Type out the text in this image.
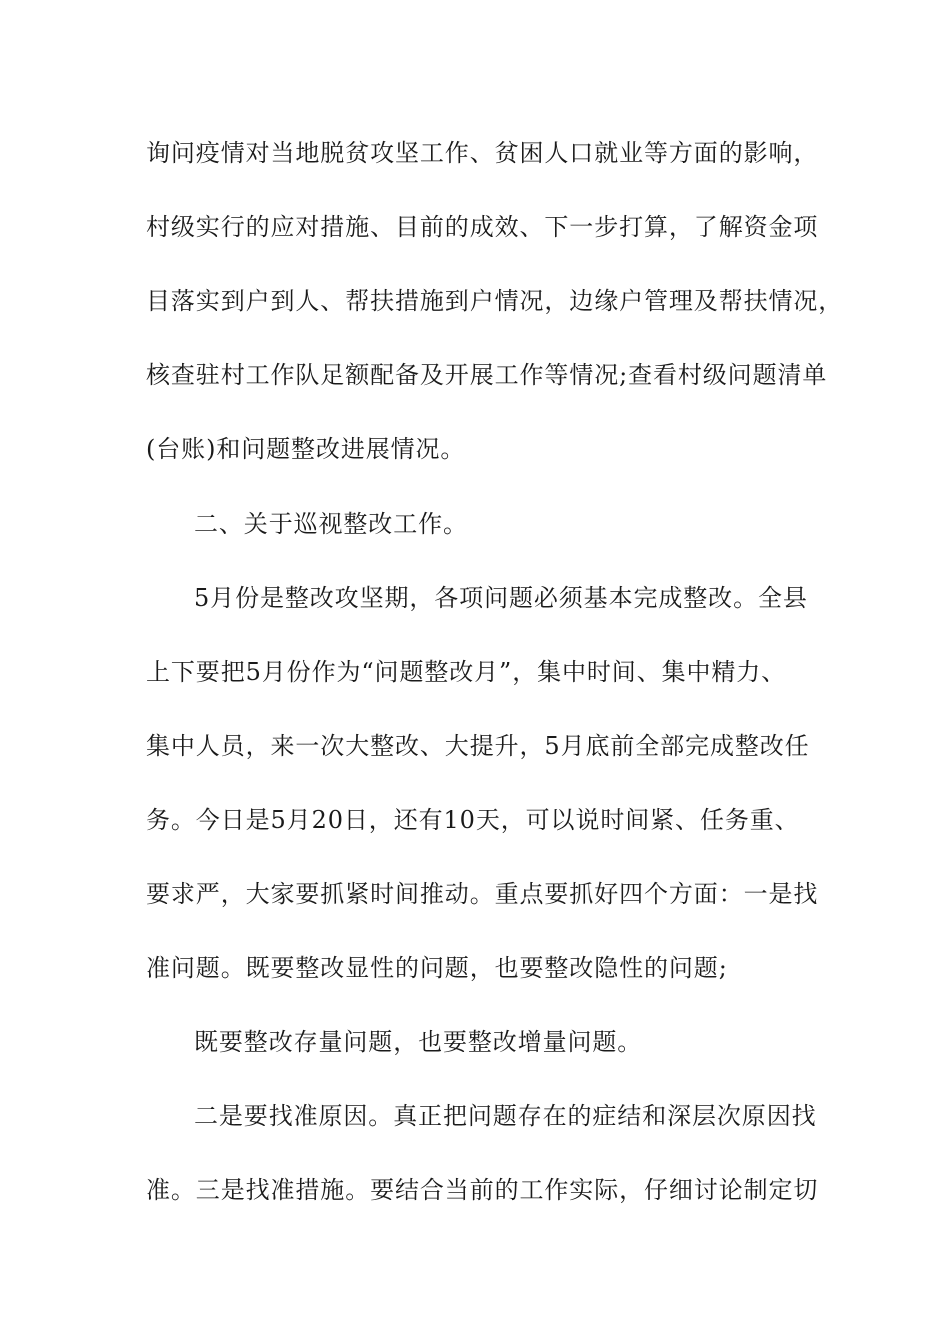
询问疫情对当地脱贫攻坚工作、贫困人口就业等方面的影响，
村级实行的应对措施、目前的成效、下一步打算，了解资金项
目落实到户到人、帮扶措施到户情况，边缘户管理及帮扶情况，
核查驻村工作队足额配备及开展工作等情况;查看村级问题清单
(台账)和问题整改进展情况。
二、关于巡视整改工作。
5月份是整改攻坚期，各项问题必须基本完成整改。全县
上下要把5月份作为“问题整改月”，集中时间、集中精力、
集中人员，来一次大整改、大提升，5月底前全部完成整改任
务。今日是5月20日，还有10天，可以说时间紧、任务重、
要求严，大家要抓紧时间推动。重点要抓好四个方面：一是找
准问题。既要整改显性的问题，也要整改隐性的问题;
既要整改存量问题，也要整改增量问题。
二是要找准原因。真正把问题存在的症结和深层次原因找
准。三是找准措施。要结合当前的工作实际，仔细讨论制定切
